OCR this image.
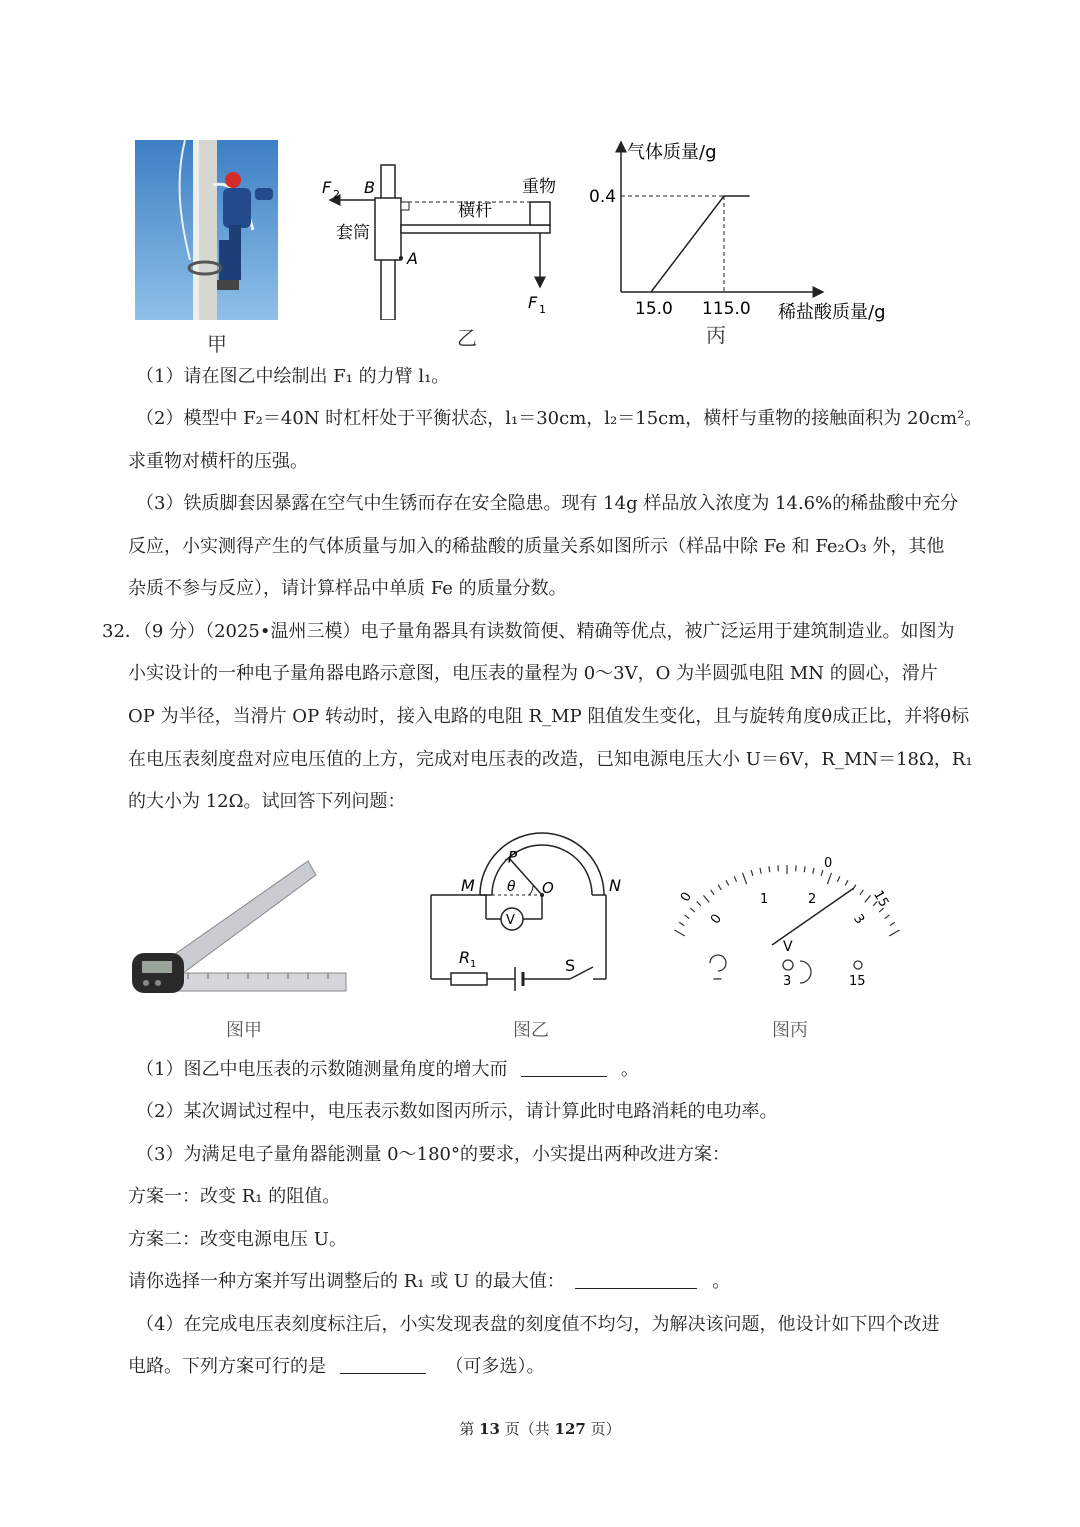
甲
F 2 B
套筒
横杆
重物
A
F 1
乙
气体质量/g
稀盐酸质量/g
15.0 115.0
0.4
丙
（1）请在图乙中绘制出 F₁ 的力臂 l₁。
（2）模型中 F₂＝40N 时杠杆处于平衡状态，l₁＝30cm，l₂＝15cm，横杆与重物的接触面积为 20cm²。
求重物对横杆的压强。
（3）铁质脚套因暴露在空气中生锈而存在安全隐患。现有 14g 样品放入浓度为 14.6%的稀盐酸中充分
反应，小实测得产生的气体质量与加入的稀盐酸的质量关系如图所示（样品中除 Fe 和 Fe₂O₃ 外，其他
杂质不参与反应），请计算样品中单质 Fe 的质量分数。
32．（9 分）（2025•温州三模）电子量角器具有读数简便、精确等优点，被广泛运用于建筑制造业。如图为
小实设计的一种电子量角器电路示意图，电压表的量程为 0～3V，O 为半圆弧电阻 MN 的圆心，滑片
OP 为半径，当滑片 OP 转动时，接入电路的电阻 R_MP 阻值发生变化，且与旋转角度θ成正比，并将θ标
在电压表刻度盘对应电压值的上方，完成对电压表的改造，已知电源电压大小 U＝6V，R_MN＝18Ω，R₁
的大小为 12Ω。试回答下列问题：
图甲
M	N
P
O
θ
V
R 1	S
图乙
0	15
0
0
1	2
3
V
−	3	15
图丙
（1）图乙中电压表的示数随测量角度的增大而	。
（2）某次调试过程中，电压表示数如图丙所示，请计算此时电路消耗的电功率。
（3）为满足电子量角器能测量 0～180°的要求，小实提出两种改进方案：
方案一：改变 R₁ 的阻值。
方案二：改变电源电压 U。
请你选择一种方案并写出调整后的 R₁ 或 U 的最大值：	。
（4）在完成电压表刻度标注后，小实发现表盘的刻度值不均匀，为解决该问题，他设计如下四个改进
电路。下列方案可行的是	（可多选）。
第 13 页（共 127 页）
